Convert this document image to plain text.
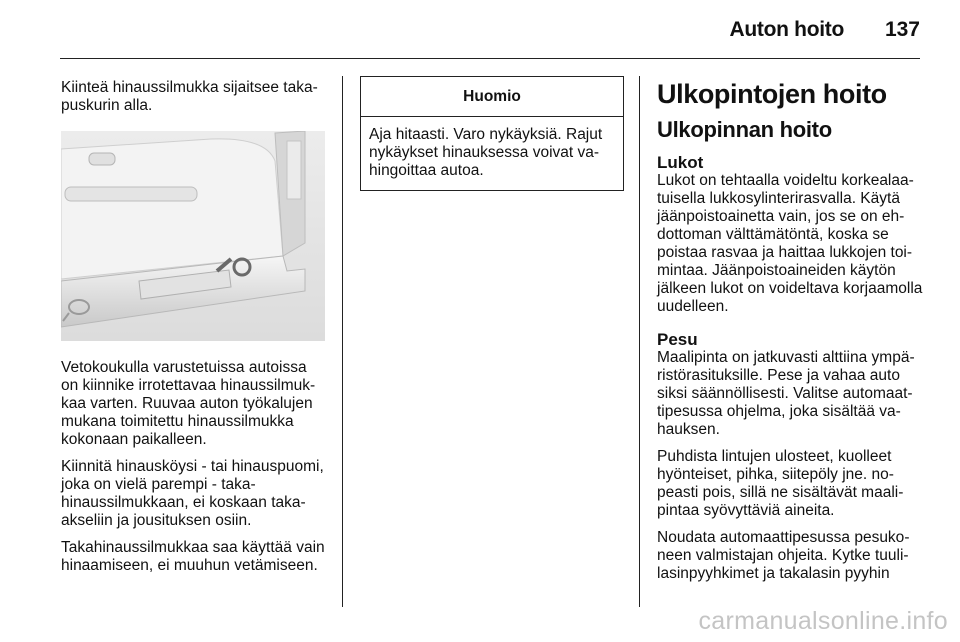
Auton hoito 137

Kiinteä hinaussilmukka sijaitsee takapuskurin alla.

Vetokoukulla varustetuissa autoissa on kiinnike irrotettavaa hinaussilmukkaa varten. Ruuvaa auton työkalujen mukana toimitettu hinaussilmukka kokonaan paikalleen.

Kiinnitä hinausköysi - tai hinauspuomi, joka on vielä parempi - takahinaussilmukkaan, ei koskaan takaakseliin ja jousituksen osiin.

Takahinaussilmukkaa saa käyttää vain hinaamiseen, ei muuhun vetämiseen.

Huomio
Aja hitaasti. Varo nykäyksiä. Rajut nykäykset hinauksessa voivat vahingoittaa autoa.
Ulkopintojen hoito
Ulkopinnan hoito
Lukot

Lukot on tehtaalla voideltu korkealaatuisella lukkosylinterirasvalla. Käytä jäänpoistoainetta vain, jos se on ehdottoman välttämätöntä, koska se poistaa rasvaa ja haittaa lukkojen toimintaa. Jäänpoistoaineiden käytön jälkeen lukot on voideltava korjaamolla uudelleen.

Pesu

Maalipinta on jatkuvasti alttiina ympäristörasituksille. Pese ja vahaa auto siksi säännöllisesti. Valitse automaattipesussa ohjelma, joka sisältää vahauksen.

Puhdista lintujen ulosteet, kuolleet hyönteiset, pihka, siitepöly jne. nopeasti pois, sillä ne sisältävät maalipintaa syövyttäviä aineita.

Noudata automaattipesussa pesukoneen valmistajan ohjeita. Kytke tuulilasinpyyhkimet ja takalasin pyyhin

carmanualsonline.info
